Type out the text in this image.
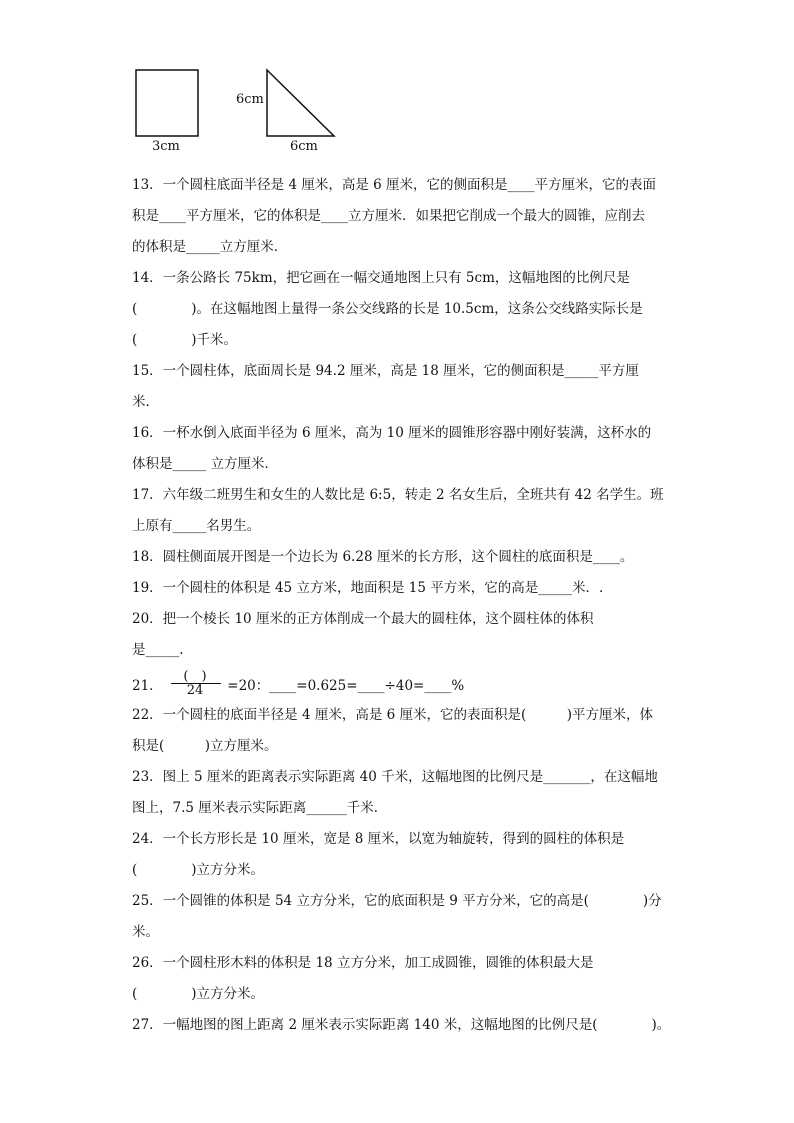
3cm
6cm
6cm
13．一个圆柱底面半径是 4 厘米，高是 6 厘米，它的侧面积是____平方厘米，它的表面
积是____平方厘米，它的体积是____立方厘米．如果把它削成一个最大的圆锥，应削去
的体积是_____立方厘米．
14．一条公路长 75km，把它画在一幅交通地图上只有 5cm，这幅地图的比例尺是
(　　　　)。在这幅地图上量得一条公交线路的长是 10.5cm，这条公交线路实际长是
(　　　　)千米。
15．一个圆柱体，底面周长是 94.2 厘米，高是 18 厘米，它的侧面积是_____平方厘
米．
16．一杯水倒入底面半径为 6 厘米，高为 10 厘米的圆锥形容器中刚好装满，这杯水的
体积是_____ 立方厘米．
17．六年级二班男生和女生的人数比是 6:5，转走 2 名女生后，全班共有 42 名学生。班
上原有_____名男生。
18．圆柱侧面展开图是一个边长为 6.28 厘米的长方形，这个圆柱的底面积是____。
19．一个圆柱的体积是 45 立方米，地面积是 15 平方米，它的高是_____米．.
20．把一个棱长 10 厘米的正方体削成一个最大的圆柱体，这个圆柱体的体积
是_____.
21． $\frac{( )}{24} =20$：____=0.625=____÷40=____%
22．一个圆柱的底面半径是 4 厘米，高是 6 厘米，它的表面积是(　　　)平方厘米，体
积是(　　　)立方厘米。
23．图上 5 厘米的距离表示实际距离 40 千米，这幅地图的比例尺是_______，在这幅地
图上，7.5 厘米表示实际距离______千米．
24．一个长方形长是 10 厘米，宽是 8 厘米，以宽为轴旋转，得到的圆柱的体积是
(　　　　)立方分米。
25．一个圆锥的体积是 54 立方分米，它的底面积是 9 平方分米，它的高是(　　　　)分
米。
26．一个圆柱形木料的体积是 18 立方分米，加工成圆锥，圆锥的体积最大是
(　　　　)立方分米。
27．一幅地图的图上距离 2 厘米表示实际距离 140 米，这幅地图的比例尺是(　　　　)。
